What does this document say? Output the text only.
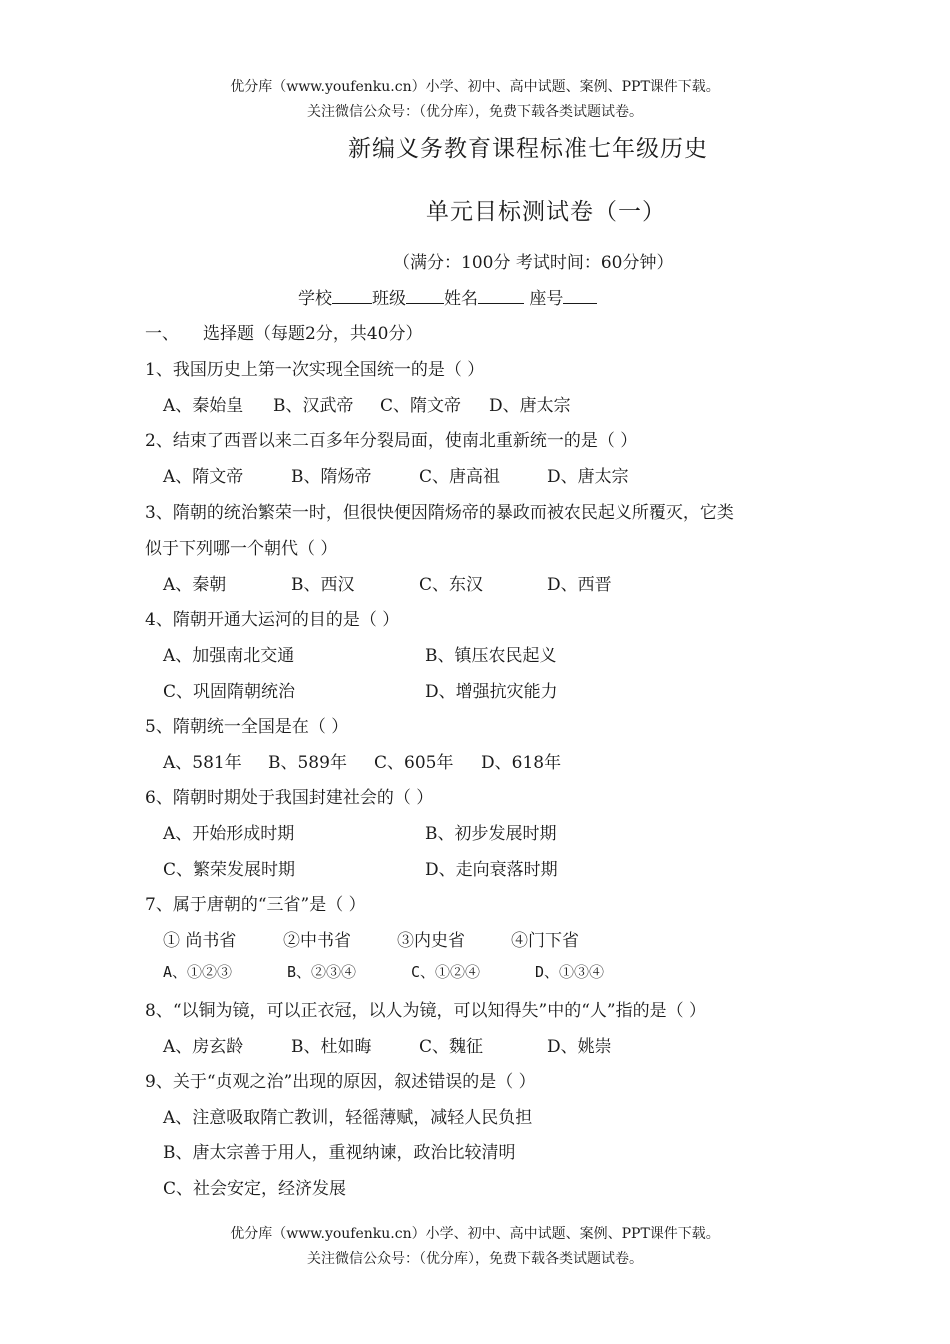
优分库（www.youfenku.cn）小学、初中、高中试题、案例、PPT课件下载。
关注微信公众号：（优分库），免费下载各类试题试卷。
新编义务教育课程标准七年级历史
单元目标测试卷（一）
（满分：100分 考试时间：60分钟）
学校 班级 姓名	座号
一、 选择题（每题2分，共40分）
1、我国历史上第一次实现全国统一的是（ ）
A、秦始皇 B、汉武帝 C、隋文帝 D、唐太宗
2、结束了西晋以来二百多年分裂局面，使南北重新统一的是（ ）
A、隋文帝	B、隋炀帝	C、唐高祖	D、唐太宗
3、隋朝的统治繁荣一时，但很快便因隋炀帝的暴政而被农民起义所覆灭，它类
似于下列哪一个朝代（ ）
A、秦朝	B、西汉	C、东汉	D、西晋
4、隋朝开通大运河的目的是（ ）
A、加强南北交通	B、镇压农民起义
C、巩固隋朝统治	D、增强抗灾能力
5、隋朝统一全国是在（ ）
A、581年 B、589年 C、605年 D、618年
6、隋朝时期处于我国封建社会的（ ）
A、开始形成时期	B、初步发展时期
C、繁荣发展时期	D、走向衰落时期
7、属于唐朝的“三省”是（ ）
① 尚书省	②中书省	③内史省	④门下省
A、①②③	B、②③④	C、①②④	D、①③④
8、“以铜为镜，可以正衣冠，以人为镜，可以知得失”中的“人”指的是（ ）
A、房玄龄	B、杜如晦	C、魏征	D、姚崇
9、关于“贞观之治”出现的原因，叙述错误的是（ ）
A、注意吸取隋亡教训，轻徭薄赋，减轻人民负担
B、唐太宗善于用人，重视纳谏，政治比较清明
C、社会安定，经济发展
优分库（www.youfenku.cn）小学、初中、高中试题、案例、PPT课件下载。
关注微信公众号：（优分库），免费下载各类试题试卷。
